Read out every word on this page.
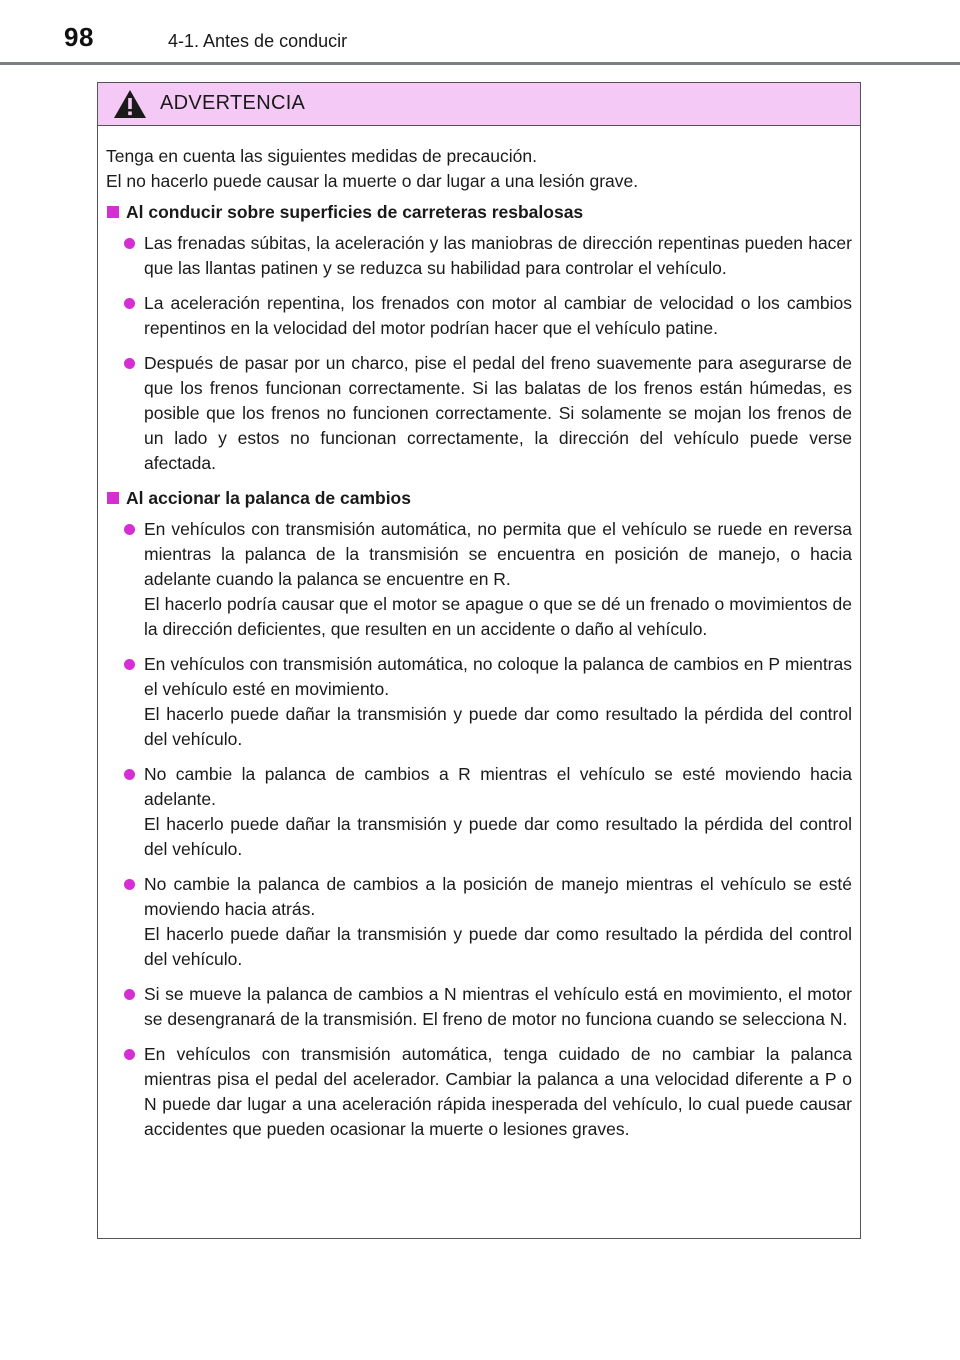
98	4-1. Antes de conducir
ADVERTENCIA
Tenga en cuenta las siguientes medidas de precaución.
El no hacerlo puede causar la muerte o dar lugar a una lesión grave.
Al conducir sobre superficies de carreteras resbalosas
Las frenadas súbitas, la aceleración y las maniobras de dirección repentinas pueden hacer que las llantas patinen y se reduzca su habilidad para controlar el vehículo.
La aceleración repentina, los frenados con motor al cambiar de velocidad o los cambios repentinos en la velocidad del motor podrían hacer que el vehículo patine.
Después de pasar por un charco, pise el pedal del freno suavemente para asegurarse de que los frenos funcionan correctamente. Si las balatas de los frenos están húmedas, es posible que los frenos no funcionen correctamente. Si solamente se mojan los frenos de un lado y estos no funcionan correctamente, la dirección del vehículo puede verse afectada.
Al accionar la palanca de cambios
En vehículos con transmisión automática, no permita que el vehículo se ruede en reversa mientras la palanca de la transmisión se encuentra en posición de manejo, o hacia adelante cuando la palanca se encuentre en R.
El hacerlo podría causar que el motor se apague o que se dé un frenado o movimientos de la dirección deficientes, que resulten en un accidente o daño al vehículo.
En vehículos con transmisión automática, no coloque la palanca de cambios en P mientras el vehículo esté en movimiento.
El hacerlo puede dañar la transmisión y puede dar como resultado la pérdida del control del vehículo.
No cambie la palanca de cambios a R mientras el vehículo se esté moviendo hacia adelante.
El hacerlo puede dañar la transmisión y puede dar como resultado la pérdida del control del vehículo.
No cambie la palanca de cambios a la posición de manejo mientras el vehículo se esté moviendo hacia atrás.
El hacerlo puede dañar la transmisión y puede dar como resultado la pérdida del control del vehículo.
Si se mueve la palanca de cambios a N mientras el vehículo está en movimiento, el motor se desengranará de la transmisión. El freno de motor no funciona cuando se selecciona N.
En vehículos con transmisión automática, tenga cuidado de no cambiar la palanca mientras pisa el pedal del acelerador. Cambiar la palanca a una velocidad diferente a P o N puede dar lugar a una aceleración rápida inesperada del vehículo, lo cual puede causar accidentes que pueden ocasionar la muerte o lesiones graves.
